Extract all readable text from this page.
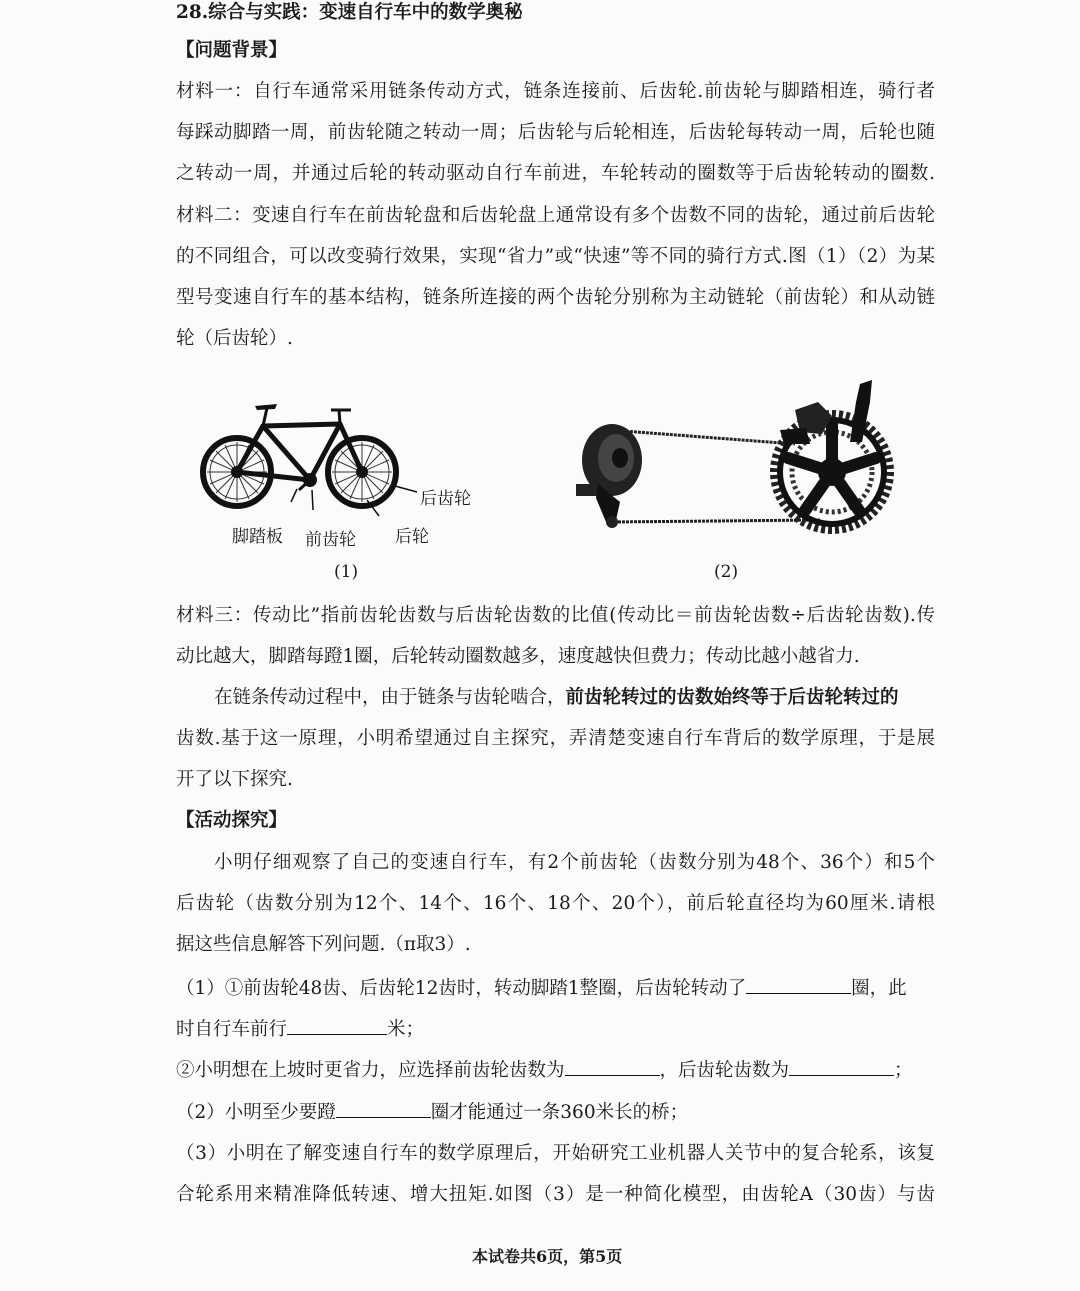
28.综合与实践：变速自行车中的数学奥秘
【问题背景】
材料一：自行车通常采用链条传动方式，链条连接前、后齿轮.前齿轮与脚踏相连，骑行者
每踩动脚踏一周，前齿轮随之转动一周；后齿轮与后轮相连，后齿轮每转动一周，后轮也随
之转动一周，并通过后轮的转动驱动自行车前进，车轮转动的圈数等于后齿轮转动的圈数.
材料二：变速自行车在前齿轮盘和后齿轮盘上通常设有多个齿数不同的齿轮，通过前后齿轮
的不同组合，可以改变骑行效果，实现“省力”或“快速”等不同的骑行方式.图（1）（2）为某
型号变速自行车的基本结构，链条所连接的两个齿轮分别称为主动链轮（前齿轮）和从动链
轮（后齿轮）.
后齿轮
脚踏板 前齿轮 后轮
(1)	(2)
材料三：传动比”指前齿轮齿数与后齿轮齿数的比值(传动比＝前齿轮齿数÷后齿轮齿数).传
动比越大，脚踏每蹬1圈，后轮转动圈数越多，速度越快但费力；传动比越小越省力.
在链条传动过程中，由于链条与齿轮啮合，前齿轮转过的齿数始终等于后齿轮转过的
齿数.基于这一原理，小明希望通过自主探究，弄清楚变速自行车背后的数学原理，于是展
开了以下探究.
【活动探究】
小明仔细观察了自己的变速自行车，有2个前齿轮（齿数分别为48个、36个）和5个
后齿轮（齿数分别为12个、14个、16个、18个、20个），前后轮直径均为60厘米.请根
据这些信息解答下列问题.（π取3）.
（1）①前齿轮48齿、后齿轮12齿时，转动脚踏1整圈，后齿轮转动了	圈，此
时自行车前行	米；
②小明想在上坡时更省力，应选择前齿轮齿数为	，后齿轮齿数为	；
（2）小明至少要蹬	圈才能通过一条360米长的桥；
（3）小明在了解变速自行车的数学原理后，开始研究工业机器人关节中的复合轮系，该复
合轮系用来精准降低转速、增大扭矩.如图（3）是一种简化模型，由齿轮A（30齿）与齿
本试卷共6页，第5页
